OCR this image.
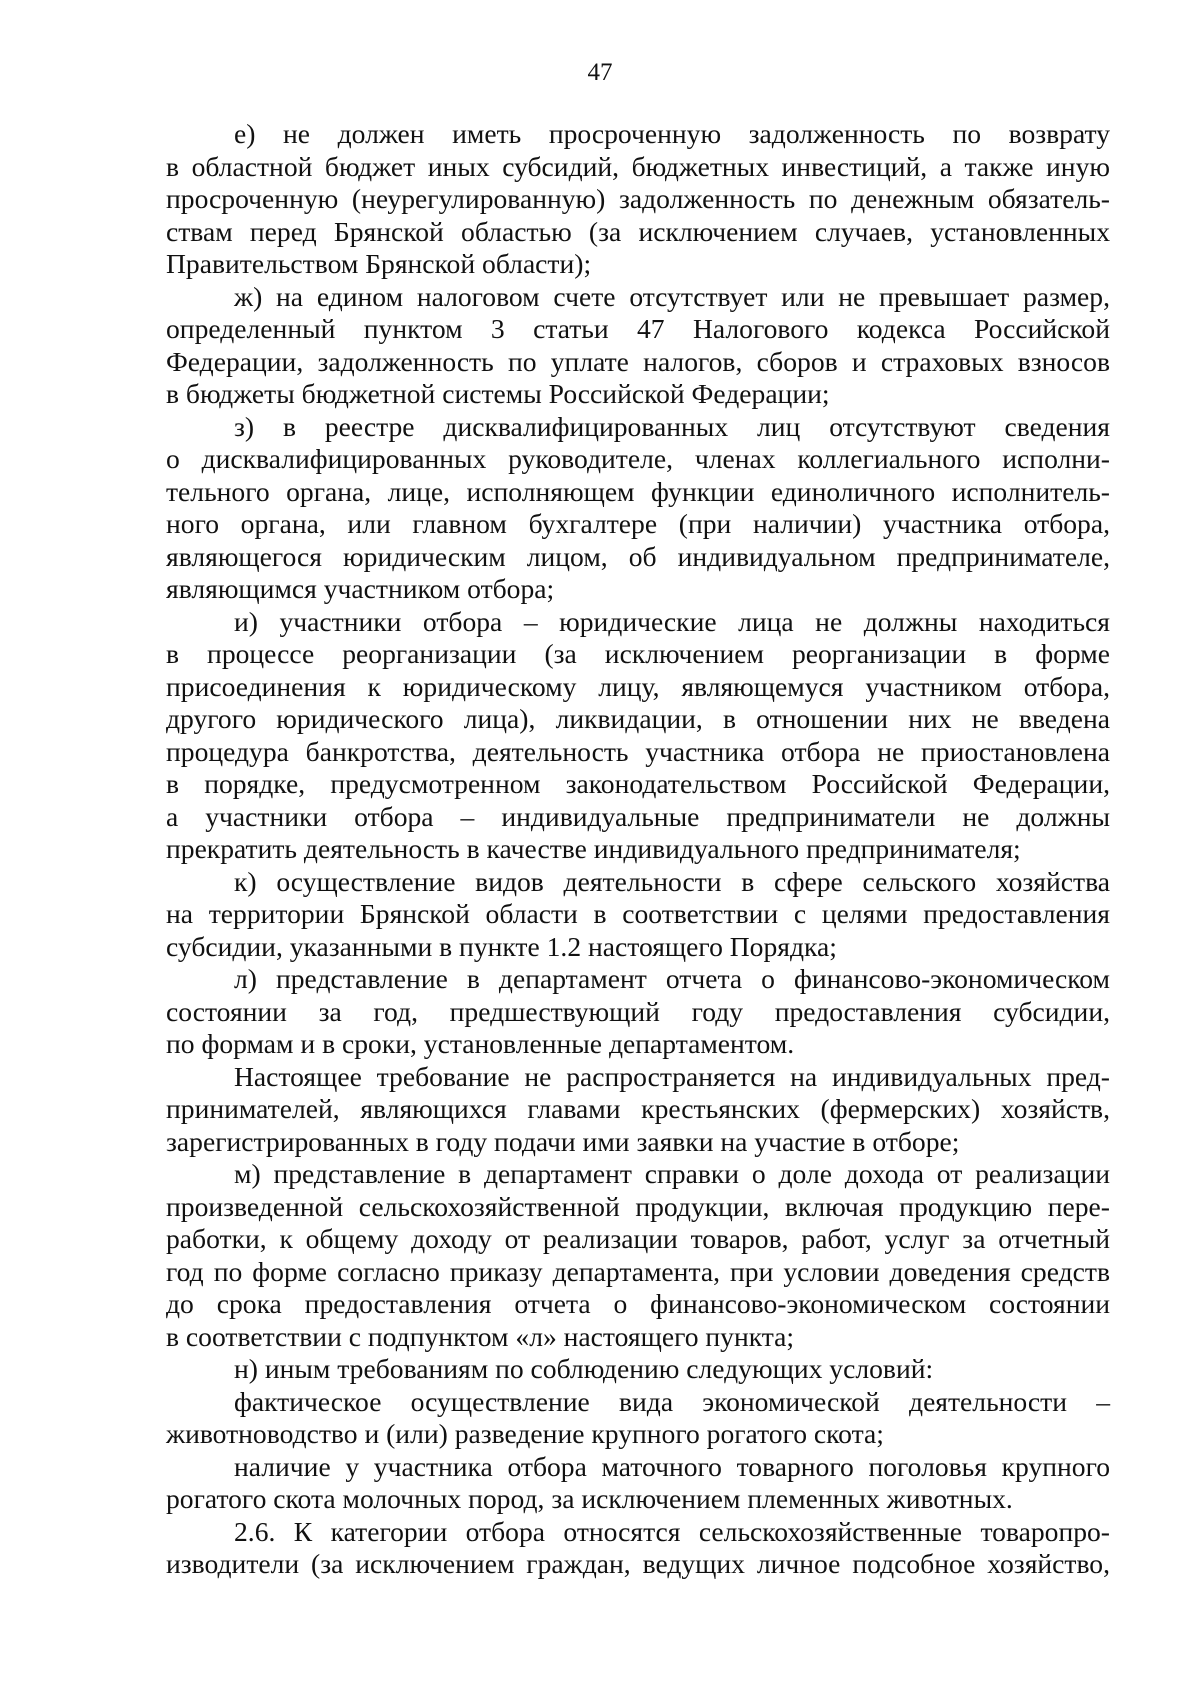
47
е) не должен иметь просроченную задолженность по возврату
в областной бюджет иных субсидий, бюджетных инвестиций, а также иную
просроченную (неурегулированную) задолженность по денежным обязатель-
ствам перед Брянской областью (за исключением случаев, установленных
Правительством Брянской области);
ж) на едином налоговом счете отсутствует или не превышает размер,
определенный пунктом 3 статьи 47 Налогового кодекса Российской
Федерации, задолженность по уплате налогов, сборов и страховых взносов
в бюджеты бюджетной системы Российской Федерации;
з) в реестре дисквалифицированных лиц отсутствуют сведения
о дисквалифицированных руководителе, членах коллегиального исполни-
тельного органа, лице, исполняющем функции единоличного исполнитель-
ного органа, или главном бухгалтере (при наличии) участника отбора,
являющегося юридическим лицом, об индивидуальном предпринимателе,
являющимся участником отбора;
и) участники отбора – юридические лица не должны находиться
в процессе реорганизации (за исключением реорганизации в форме
присоединения к юридическому лицу, являющемуся участником отбора,
другого юридического лица), ликвидации, в отношении них не введена
процедура банкротства, деятельность участника отбора не приостановлена
в порядке, предусмотренном законодательством Российской Федерации,
а участники отбора – индивидуальные предприниматели не должны
прекратить деятельность в качестве индивидуального предпринимателя;
к) осуществление видов деятельности в сфере сельского хозяйства
на территории Брянской области в соответствии с целями предоставления
субсидии, указанными в пункте 1.2 настоящего Порядка;
л) представление в департамент отчета о финансово-экономическом
состоянии за год, предшествующий году предоставления субсидии,
по формам и в сроки, установленные департаментом.
Настоящее требование не распространяется на индивидуальных пред-
принимателей, являющихся главами крестьянских (фермерских) хозяйств,
зарегистрированных в году подачи ими заявки на участие в отборе;
м) представление в департамент справки о доле дохода от реализации
произведенной сельскохозяйственной продукции, включая продукцию пере-
работки, к общему доходу от реализации товаров, работ, услуг за отчетный
год по форме согласно приказу департамента, при условии доведения средств
до срока предоставления отчета о финансово-экономическом состоянии
в соответствии с подпунктом «л» настоящего пункта;
н) иным требованиям по соблюдению следующих условий:
фактическое осуществление вида экономической деятельности –
животноводство и (или) разведение крупного рогатого скота;
наличие у участника отбора маточного товарного поголовья крупного
рогатого скота молочных пород, за исключением племенных животных.
2.6. К категории отбора относятся сельскохозяйственные товаропро-
изводители (за исключением граждан, ведущих личное подсобное хозяйство,
